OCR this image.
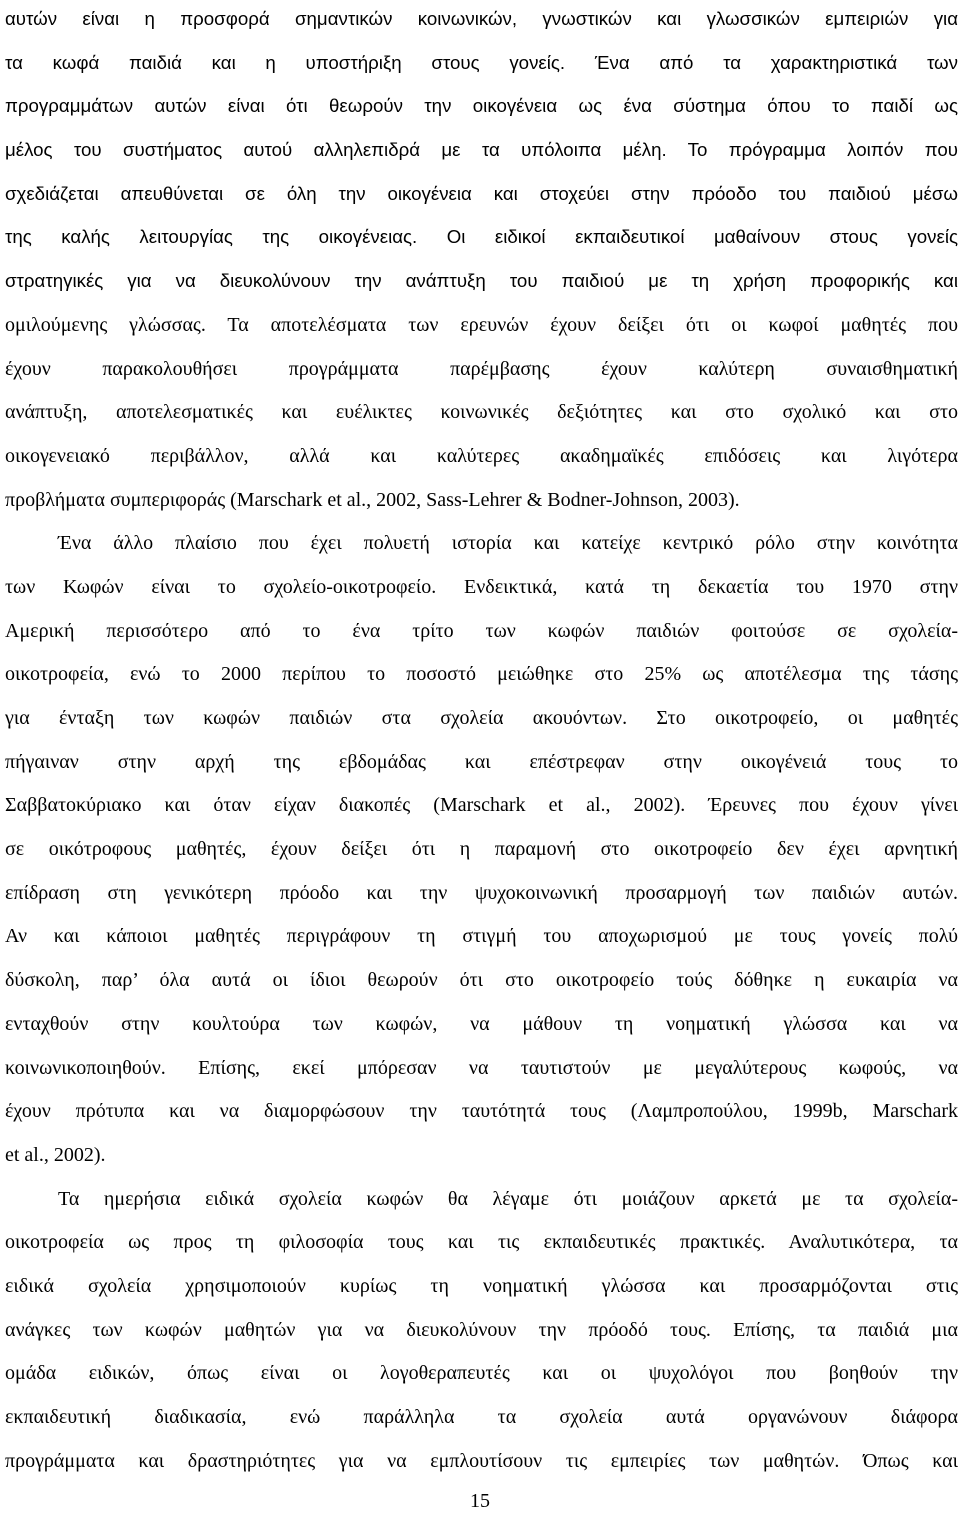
αυτών είναι η προσφορά σημαντικών κοινωνικών, γνωστικών και γλωσσικών εμπειριών για
τα κωφά παιδιά και η υποστήριξη στους γονείς. Ένα από τα χαρακτηριστικά των
προγραμμάτων αυτών είναι ότι θεωρούν την οικογένεια ως ένα σύστημα όπου το παιδί ως
μέλος του συστήματος αυτού αλληλεπιδρά με τα υπόλοιπα μέλη. Το πρόγραμμα λοιπόν που
σχεδιάζεται απευθύνεται σε όλη την οικογένεια και στοχεύει στην πρόοδο του παιδιού μέσω
της καλής λειτουργίας της οικογένειας. Οι ειδικοί εκπαιδευτικοί μαθαίνουν στους γονείς
στρατηγικές για να διευκολύνουν την ανάπτυξη του παιδιού με τη χρήση προφορικής και
ομιλούμενης γλώσσας. Τα αποτελέσματα των ερευνών έχουν δείξει ότι οι κωφοί μαθητές που
έχουν παρακολουθήσει προγράμματα παρέμβασης έχουν καλύτερη συναισθηματική
ανάπτυξη, αποτελεσματικές και ευέλικτες κοινωνικές δεξιότητες και στο σχολικό και στο
οικογενειακό περιβάλλον, αλλά και καλύτερες ακαδημαϊκές επιδόσεις και λιγότερα
προβλήματα συμπεριφοράς (Marschark et al., 2002, Sass-Lehrer & Bodner-Johnson, 2003).
Ένα άλλο πλαίσιο που έχει πολυετή ιστορία και κατείχε κεντρικό ρόλο στην κοινότητα
των Κωφών είναι το σχολείο-οικοτροφείο. Ενδεικτικά, κατά τη δεκαετία του 1970 στην
Αμερική περισσότερο από το ένα τρίτο των κωφών παιδιών φοιτούσε σε σχολεία-
οικοτροφεία, ενώ το 2000 περίπου το ποσοστό μειώθηκε στο 25% ως αποτέλεσμα της τάσης
για ένταξη των κωφών παιδιών στα σχολεία ακουόντων. Στο οικοτροφείο, οι μαθητές
πήγαιναν στην αρχή της εβδομάδας και επέστρεφαν στην οικογένειά τους το
Σαββατοκύριακο και όταν είχαν διακοπές (Marschark et al., 2002). Έρευνες που έχουν γίνει
σε οικότροφους μαθητές, έχουν δείξει ότι η παραμονή στο οικοτροφείο δεν έχει αρνητική
επίδραση στη γενικότερη πρόοδο και την ψυχοκοινωνική προσαρμογή των παιδιών αυτών.
Αν και κάποιοι μαθητές περιγράφουν τη στιγμή του αποχωρισμού με τους γονείς πολύ
δύσκολη, παρ’ όλα αυτά οι ίδιοι θεωρούν ότι στο οικοτροφείο τούς δόθηκε η ευκαιρία να
ενταχθούν στην κουλτούρα των κωφών, να μάθουν τη νοηματική γλώσσα και να
κοινωνικοποιηθούν. Επίσης, εκεί μπόρεσαν να ταυτιστούν με μεγαλύτερους κωφούς, να
έχουν πρότυπα και να διαμορφώσουν την ταυτότητά τους (Λαμπροπούλου, 1999b, Marschark
et al., 2002).
Τα ημερήσια ειδικά σχολεία κωφών θα λέγαμε ότι μοιάζουν αρκετά με τα σχολεία-
οικοτροφεία ως προς τη φιλοσοφία τους και τις εκπαιδευτικές πρακτικές. Αναλυτικότερα, τα
ειδικά σχολεία χρησιμοποιούν κυρίως τη νοηματική γλώσσα και προσαρμόζονται στις
ανάγκες των κωφών μαθητών για να διευκολύνουν την πρόοδό τους. Επίσης, τα παιδιά μια
ομάδα ειδικών, όπως είναι οι λογοθεραπευτές και οι ψυχολόγοι που βοηθούν την
εκπαιδευτική διαδικασία, ενώ παράλληλα τα σχολεία αυτά οργανώνουν διάφορα
προγράμματα και δραστηριότητες για να εμπλουτίσουν τις εμπειρίες των μαθητών. Όπως και
15
